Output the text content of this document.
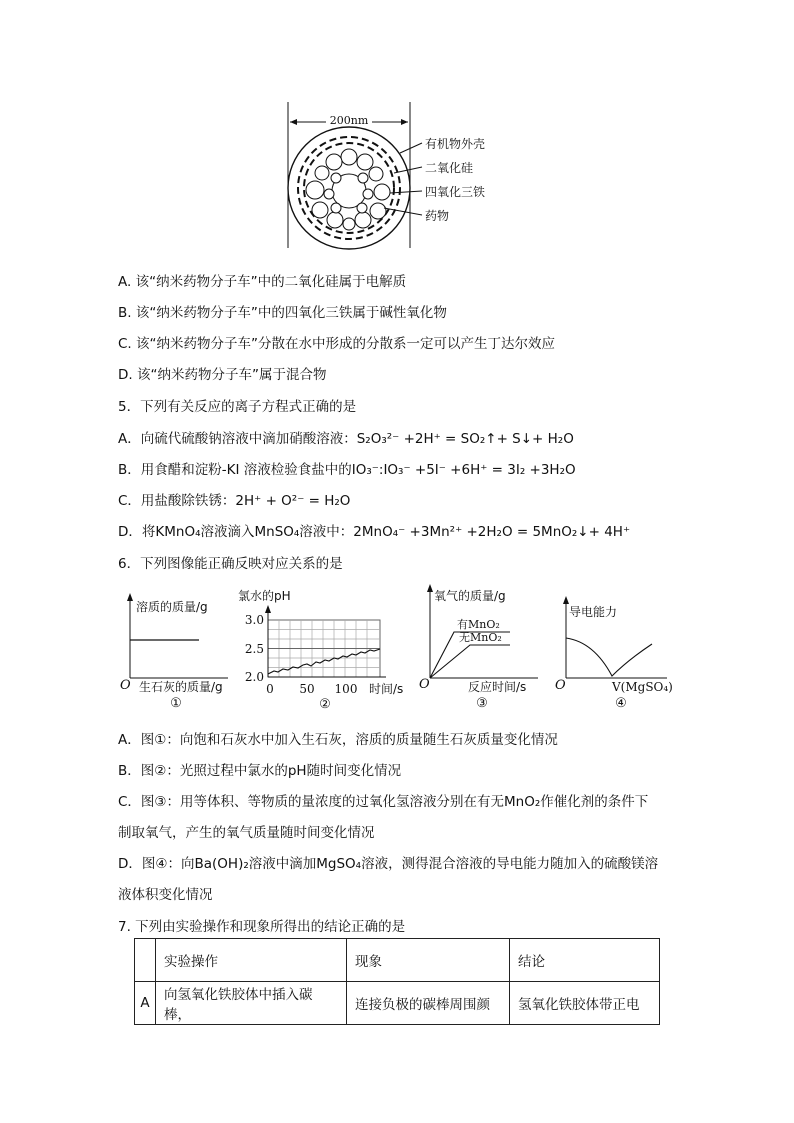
200nm
有机物外壳
二氧化硅
四氧化三铁
药物
A. 该“纳米药物分子车”中的二氧化硅属于电解质
B. 该“纳米药物分子车”中的四氧化三铁属于碱性氧化物
C. 该“纳米药物分子车”分散在水中形成的分散系一定可以产生丁达尔效应
D. 该“纳米药物分子车”属于混合物
5．下列有关反应的离子方程式正确的是
A．向硫代硫酸钠溶液中滴加硝酸溶液：S₂O₃²⁻ +2H⁺ = SO₂↑+ S↓+ H₂O
B．用食醋和淀粉-KI 溶液检验食盐中的IO₃⁻:IO₃⁻ +5I⁻ +6H⁺ = 3I₂ +3H₂O
C．用盐酸除铁锈：2H⁺ + O²⁻ = H₂O
D．将KMnO₄溶液滴入MnSO₄溶液中：2MnO₄⁻ +3Mn²⁺ +2H₂O = 5MnO₂↓+ 4H⁺
6．下列图像能正确反映对应关系的是
溶质的质量/g
O 生石灰的质量/g
①
氯水的pH
3.0
2.5
2.0
0 50 100 时间/s
②
氧气的质量/g
有MnO₂
无MnO₂
O	反应时间/s
③
导电能力
O	V(MgSO₄)
④
A．图①：向饱和石灰水中加入生石灰，溶质的质量随生石灰质量变化情况
B．图②：光照过程中氯水的pH随时间变化情况
C．图③：用等体积、等物质的量浓度的过氧化氢溶液分别在有无MnO₂作催化剂的条件下
制取氧气，产生的氧气质量随时间变化情况
D．图④：向Ba(OH)₂溶液中滴加MgSO₄溶液，测得混合溶液的导电能力随加入的硫酸镁溶
液体积变化情况
7. 下列由实验操作和现象所得出的结论正确的是
	实验操作	现象	结论
A	向氢氧化铁胶体中插入碳棒，	连接负极的碳棒周围颜	氢氧化铁胶体带正电
